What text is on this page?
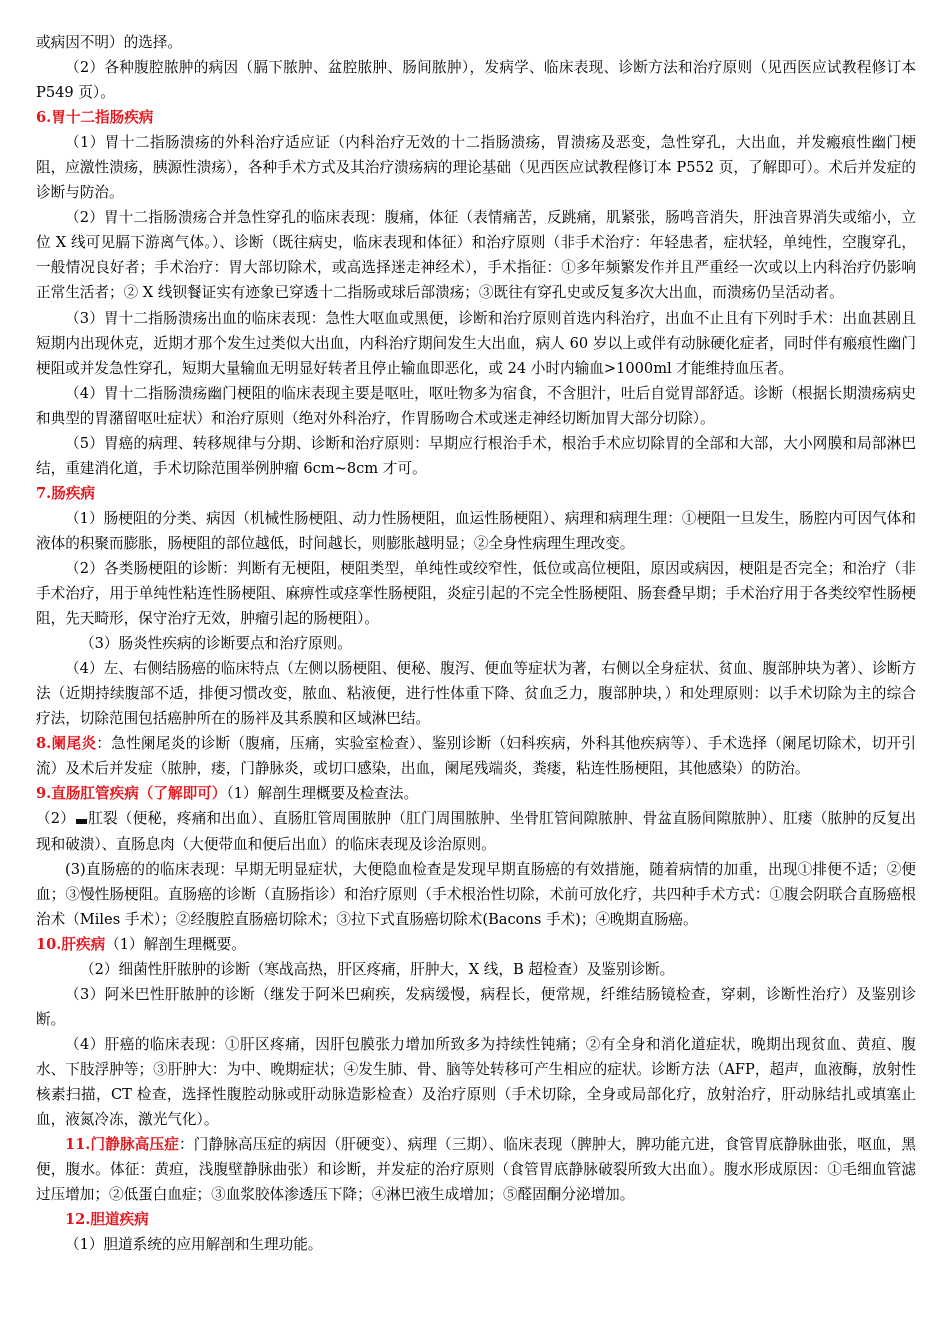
或病因不明）的选择。

（2）各种腹腔脓肿的病因（膈下脓肿、盆腔脓肿、肠间脓肿），发病学、临床表现、诊断方法和治疗原则（见西医应试教程修订本 P549 页）。

6.胃十二指肠疾病

（1）胃十二指肠溃疡的外科治疗适应证（内科治疗无效的十二指肠溃疡，胃溃疡及恶变，急性穿孔，大出血，并发瘢痕性幽门梗阻，应激性溃疡，胰源性溃疡），各种手术方式及其治疗溃疡病的理论基础（见西医应试教程修订本 P552 页，了解即可）。术后并发症的诊断与防治。

（2）胃十二指肠溃疡合并急性穿孔的临床表现：腹痛，体征（表情痛苦，反跳痛，肌紧张，肠鸣音消失，肝浊音界消失或缩小，立位 X 线可见膈下游离气体。）、诊断（既往病史，临床表现和体征）和治疗原则（非手术治疗：年轻患者，症状轻，单纯性，空腹穿孔，一般情况良好者；手术治疗：胃大部切除术，或高选择迷走神经术），手术指征：①多年频繁发作并且严重经一次或以上内科治疗仍影响正常生活者；② X 线钡餐证实有迹象已穿透十二指肠或球后部溃疡；③既往有穿孔史或反复多次大出血，而溃疡仍呈活动者。

（3）胃十二指肠溃疡出血的临床表现：急性大呕血或黑便，诊断和治疗原则首选内科治疗，出血不止且有下列时手术：出血甚剧且短期内出现休克，近期才那个发生过类似大出血，内科治疗期间发生大出血，病人 60 岁以上或伴有动脉硬化症者，同时伴有瘢痕性幽门梗阻或并发急性穿孔，短期大量输血无明显好转者且停止输血即恶化，或 24 小时内输血>1000ml 才能维持血压者。

（4）胃十二指肠溃疡幽门梗阻的临床表现主要是呕吐，呕吐物多为宿食，不含胆汁，吐后自觉胃部舒适。诊断（根据长期溃疡病史和典型的胃潴留呕吐症状）和治疗原则（绝对外科治疗，作胃肠吻合术或迷走神经切断加胃大部分切除）。

（5）胃癌的病理、转移规律与分期、诊断和治疗原则：早期应行根治手术，根治手术应切除胃的全部和大部，大小网膜和局部淋巴结，重建消化道，手术切除范围举例肿瘤 6cm~8cm 才可。

7.肠疾病

（1）肠梗阻的分类、病因（机械性肠梗阻、动力性肠梗阻，血运性肠梗阻）、病理和病理生理：①梗阻一旦发生，肠腔内可因气体和液体的积聚而膨胀，肠梗阻的部位越低，时间越长，则膨胀越明显；②全身性病理生理改变。

（2）各类肠梗阻的诊断：判断有无梗阻，梗阻类型，单纯性或绞窄性，低位或高位梗阻，原因或病因，梗阻是否完全；和治疗（非手术治疗，用于单纯性粘连性肠梗阻、麻痹性或痉挛性肠梗阻，炎症引起的不完全性肠梗阻、肠套叠早期；手术治疗用于各类绞窄性肠梗阻，先天畸形，保守治疗无效，肿瘤引起的肠梗阻）。

（3）肠炎性疾病的诊断要点和治疗原则。

（4）左、右侧结肠癌的临床特点（左侧以肠梗阻、便秘、腹泻、便血等症状为著，右侧以全身症状、贫血、腹部肿块为著）、诊断方法（近期持续腹部不适，排便习惯改变，脓血、粘液便，进行性体重下降、贫血乏力，腹部肿块，）和处理原则：以手术切除为主的综合疗法，切除范围包括癌肿所在的肠袢及其系膜和区域淋巴结。

8.阑尾炎：急性阑尾炎的诊断（腹痛，压痛，实验室检查）、鉴别诊断（妇科疾病，外科其他疾病等）、手术选择（阑尾切除术，切开引流）及术后并发症（脓肿，瘘，门静脉炎，或切口感染，出血，阑尾残端炎，粪瘘，粘连性肠梗阻，其他感染）的防治。

9.直肠肛管疾病（了解即可）（1）解剖生理概要及检查法。

（2） 肛裂（便秘，疼痛和出血）、直肠肛管周围脓肿（肛门周围脓肿、坐骨肛管间隙脓肿、骨盆直肠间隙脓肿）、肛瘘（脓肿的反复出现和破溃）、直肠息肉（大便带血和便后出血）的临床表现及诊治原则。

(3)直肠癌的的临床表现：早期无明显症状，大便隐血检查是发现早期直肠癌的有效措施，随着病情的加重，出现①排便不适；②便血；③慢性肠梗阻。直肠癌的诊断（直肠指诊）和治疗原则（手术根治性切除，术前可放化疗，共四种手术方式：①腹会阴联合直肠癌根治术（Miles 手术）；②经腹腔直肠癌切除术；③拉下式直肠癌切除术(Bacons 手术)；④晚期直肠癌。

10.肝疾病（1）解剖生理概要。

（2）细菌性肝脓肿的诊断（寒战高热，肝区疼痛，肝肿大，X 线，B 超检查）及鉴别诊断。

（3）阿米巴性肝脓肿的诊断（继发于阿米巴痢疾，发病缓慢，病程长，便常规，纤维结肠镜检查，穿刺，诊断性治疗）及鉴别诊断。

（4）肝癌的临床表现：①肝区疼痛，因肝包膜张力增加所致多为持续性钝痛；②有全身和消化道症状，晚期出现贫血、黄疸、腹水、下肢浮肿等；③肝肿大：为中、晚期症状；④发生肺、骨、脑等处转移可产生相应的症状。诊断方法（AFP，超声，血液酶，放射性核素扫描，CT 检查，选择性腹腔动脉或肝动脉造影检查）及治疗原则（手术切除，全身或局部化疗，放射治疗，肝动脉结扎或填塞止血，液氮冷冻，激光气化）。

11.门静脉高压症：门静脉高压症的病因（肝硬变）、病理（三期）、临床表现（脾肿大，脾功能亢进，食管胃底静脉曲张，呕血，黑便，腹水。体征：黄疸，浅腹壁静脉曲张）和诊断，并发症的治疗原则（食管胃底静脉破裂所致大出血）。腹水形成原因：①毛细血管滤过压增加；②低蛋白血症；③血浆胶体渗透压下降；④淋巴液生成增加；⑤醛固酮分泌增加。

12.胆道疾病

（1）胆道系统的应用解剖和生理功能。
